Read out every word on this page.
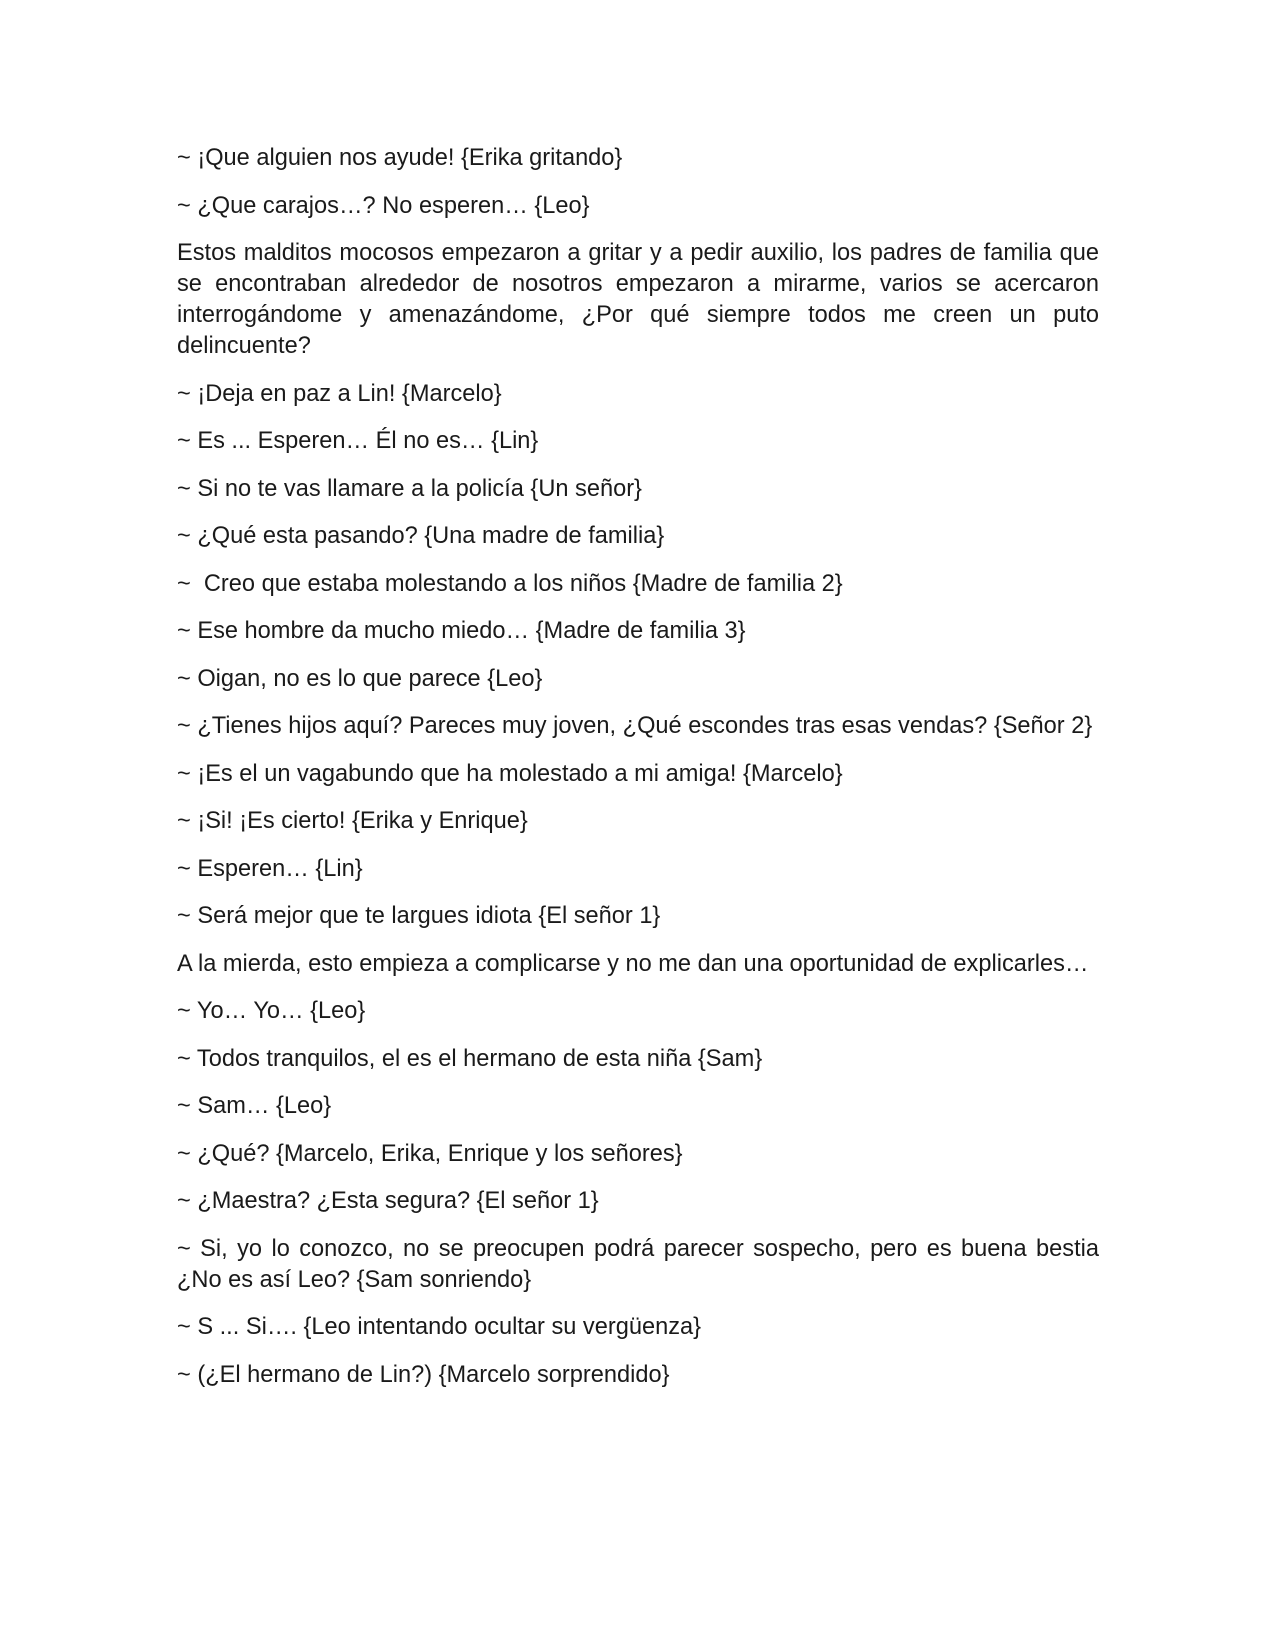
~ ¡Que alguien nos ayude! {Erika gritando}

~ ¿Que carajos…? No esperen… {Leo}

Estos malditos mocosos empezaron a gritar y a pedir auxilio, los padres de familia que se encontraban alrededor de nosotros empezaron a mirarme, varios se acercaron interrogándome y amenazándome, ¿Por qué siempre todos me creen un puto delincuente?

~ ¡Deja en paz a Lin! {Marcelo}

~ Es ... Esperen… Él no es… {Lin}

~ Si no te vas llamare a la policía {Un señor}

~ ¿Qué esta pasando? {Una madre de familia}

~  Creo que estaba molestando a los niños {Madre de familia 2}

~ Ese hombre da mucho miedo… {Madre de familia 3}

~ Oigan, no es lo que parece {Leo}

~ ¿Tienes hijos aquí? Pareces muy joven, ¿Qué escondes tras esas vendas? {Señor 2}

~ ¡Es el un vagabundo que ha molestado a mi amiga! {Marcelo}

~ ¡Si! ¡Es cierto! {Erika y Enrique}

~ Esperen… {Lin}

~ Será mejor que te largues idiota {El señor 1}

A la mierda, esto empieza a complicarse y no me dan una oportunidad de explicarles…

~ Yo… Yo… {Leo}

~ Todos tranquilos, el es el hermano de esta niña {Sam}

~ Sam… {Leo}

~ ¿Qué? {Marcelo, Erika, Enrique y los señores}

~ ¿Maestra? ¿Esta segura? {El señor 1}

~ Si, yo lo conozco, no se preocupen podrá parecer sospecho, pero es buena bestia ¿No es así Leo? {Sam sonriendo}

~ S ... Si…. {Leo intentando ocultar su vergüenza}

~ (¿El hermano de Lin?) {Marcelo sorprendido}
